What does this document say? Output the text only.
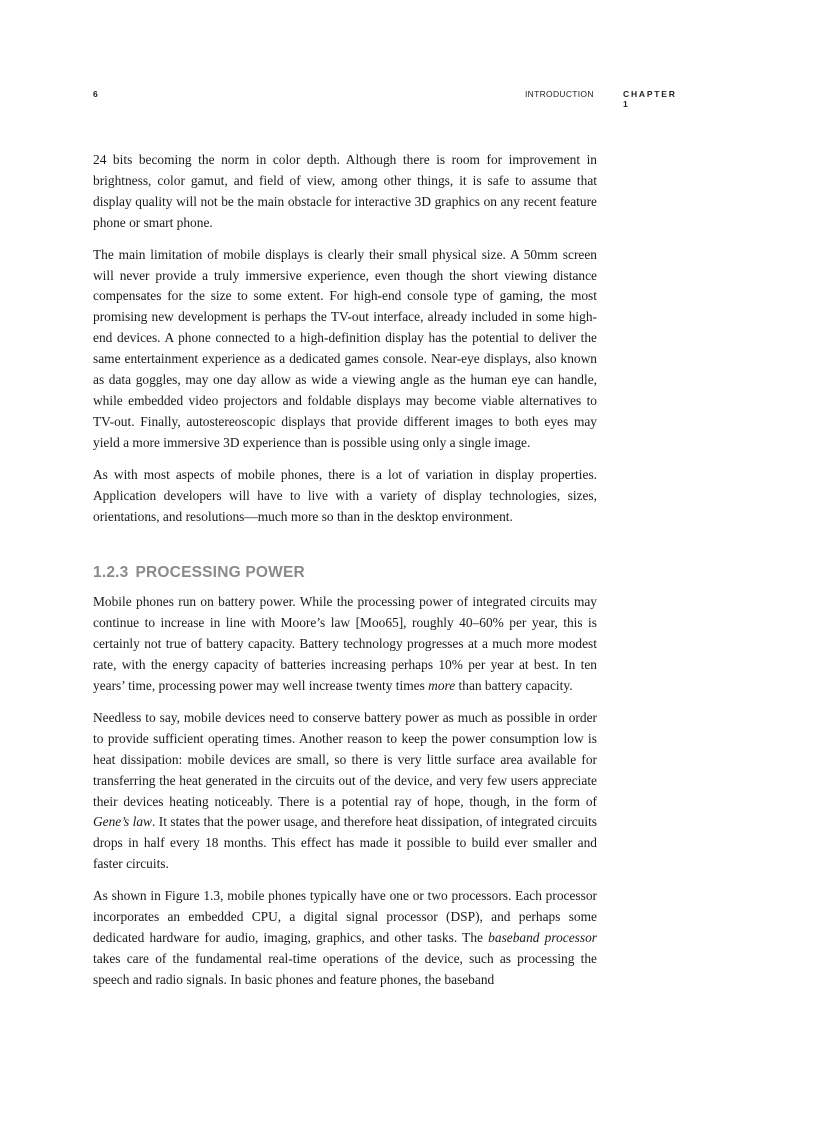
6	INTRODUCTION	CHAPTER 1

24 bits becoming the norm in color depth. Although there is room for improvement in brightness, color gamut, and field of view, among other things, it is safe to assume that display quality will not be the main obstacle for interactive 3D graphics on any recent feature phone or smart phone.

The main limitation of mobile displays is clearly their small physical size. A 50mm screen will never provide a truly immersive experience, even though the short viewing distance compensates for the size to some extent. For high-end console type of gaming, the most promising new development is perhaps the TV-out interface, already included in some high-end devices. A phone connected to a high-definition display has the potential to deliver the same entertainment experience as a dedicated games console. Near-eye displays, also known as data goggles, may one day allow as wide a viewing angle as the human eye can handle, while embedded video projectors and foldable displays may become viable alternatives to TV-out. Finally, autostereoscopic displays that provide different images to both eyes may yield a more immersive 3D experience than is possible using only a single image.

As with most aspects of mobile phones, there is a lot of variation in display properties. Application developers will have to live with a variety of display technologies, sizes, orientations, and resolutions—much more so than in the desktop environment.

1.2.3 PROCESSING POWER

Mobile phones run on battery power. While the processing power of integrated circuits may continue to increase in line with Moore’s law [Moo65], roughly 40–60% per year, this is certainly not true of battery capacity. Battery technology progresses at a much more modest rate, with the energy capacity of batteries increasing perhaps 10% per year at best. In ten years’ time, processing power may well increase twenty times more than battery capacity.

Needless to say, mobile devices need to conserve battery power as much as possible in order to provide sufficient operating times. Another reason to keep the power consumption low is heat dissipation: mobile devices are small, so there is very little surface area available for transferring the heat generated in the circuits out of the device, and very few users appreciate their devices heating noticeably. There is a potential ray of hope, though, in the form of Gene’s law. It states that the power usage, and therefore heat dissipation, of integrated circuits drops in half every 18 months. This effect has made it possible to build ever smaller and faster circuits.

As shown in Figure 1.3, mobile phones typically have one or two processors. Each processor incorporates an embedded CPU, a digital signal processor (DSP), and perhaps some dedicated hardware for audio, imaging, graphics, and other tasks. The baseband processor takes care of the fundamental real-time operations of the device, such as processing the speech and radio signals. In basic phones and feature phones, the baseband
